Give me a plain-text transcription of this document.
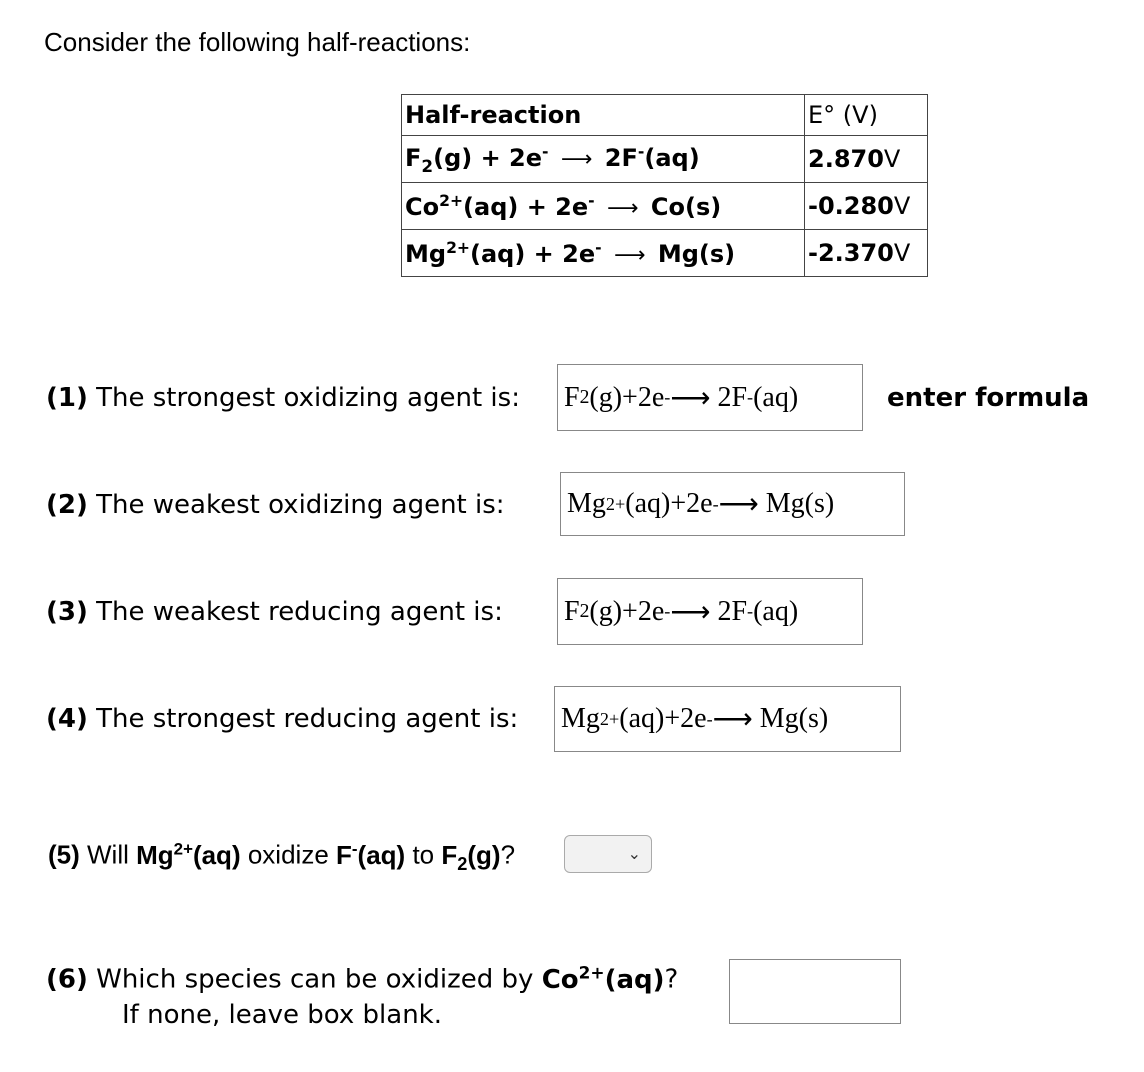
Consider the following half-reactions:
Half-reaction	E° (V)
$F_2(g) + 2e^-$ ⟶ 2F-(aq)	2.870V
$Co^{2+}(aq) + 2e^-$ ⟶ Co(s)	-0.280V
$Mg^{2+}(aq) + 2e^-$ ⟶ Mg(s)	-2.370V
(1) The strongest oxidizing agent is: F 2 (g)+2e - ⟶
2F - (aq)	enter formula
(2) The weakest oxidizing agent is: Mg 2+ (aq)+2e - ⟶
Mg(s)
(3) The weakest reducing agent is: F 2 (g)+2e - ⟶
2F - (aq)
(4) The strongest reducing agent is: Mg 2+ (aq)+2e - ⟶
Mg(s)
(5) Will $Mg^{2+}(aq)$ oxidize F-(aq) to $F_2(g)$?	⌄
(6) Which species can be oxidized by $Co^{2+}(aq)$?
If none, leave box blank.
